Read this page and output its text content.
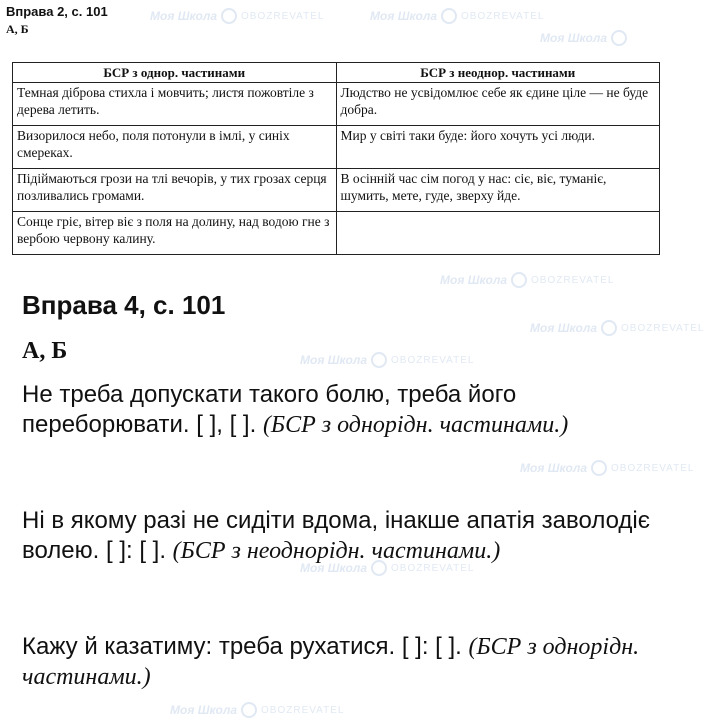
Моя Школа OBOZREVATEL	Моя Школа OBOZREVATEL
Моя Школа
Моя Школа OBOZREVATEL
Моя Школа OBOZREVATEL
Моя Школа OBOZREVATEL
Моя Школа OBOZREVATEL
Моя Школа OBOZREVATEL
Моя Школа OBOZREVATEL
Вправа 2, с. 101
А, Б
БСР з однор. частинами	БСР з неоднор. частинами
Темная діброва стихла і мовчить; листя пожовтіле з дерева летить.	Людство не усвідомлює себе як єдине ціле — не буде добра.
Визорилося небо, поля потонули в імлі, у синіх смереках.	Мир у світі таки буде: його хочуть усі люди.
Підіймаються грози на тлі вечорів, у тих грозах серця позливались громами.	В осінній час сім погод у нас: сіє, віє, туманіє, шумить, мете, гуде, зверху йде.
Сонце гріє, вітер віє з поля на долину, над водою гне з вербою червону калину.	
Вправа 4, с. 101
А, Б
Не треба допускати такого болю, треба його переборювати. [ ], [ ]. (БСР з однорідн. частинами.)
Ні в якому разі не сидіти вдома, інакше апатія заволодіє волею. [ ]: [ ]. (БСР з неоднорідн. частинами.)
Кажу й казатиму: треба рухатися. [ ]: [ ]. (БСР з однорідн. частинами.)
